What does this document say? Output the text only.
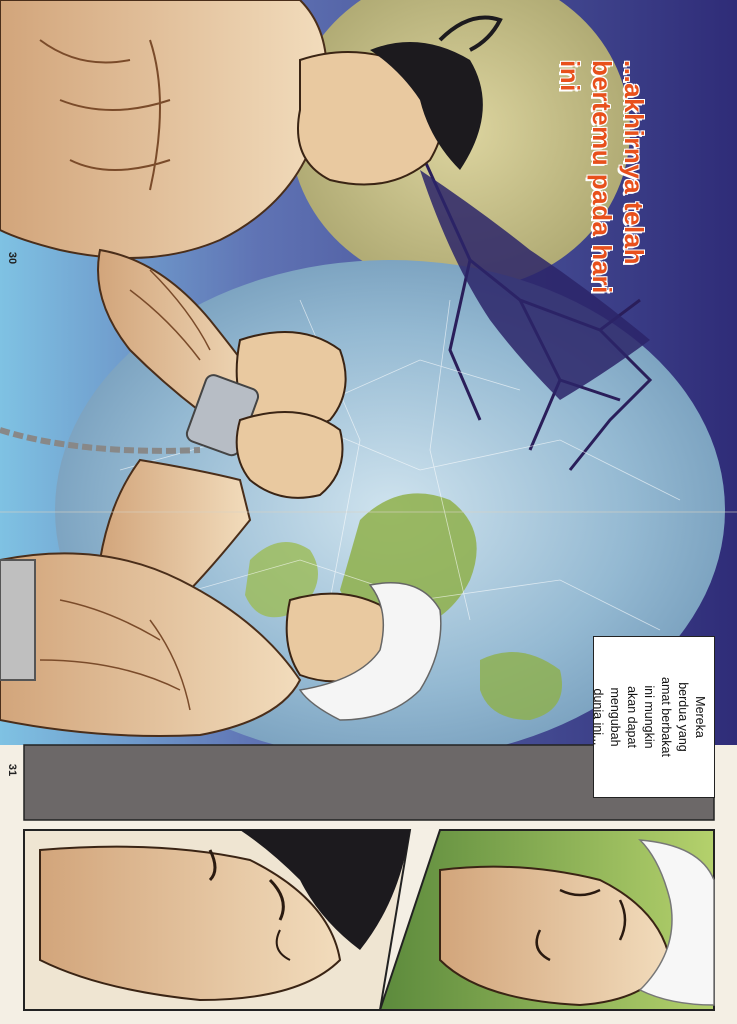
...akhirnya telah
bertemu pada hari ini
Mereka
berdua yang
amat berbakat
ini mungkin
akan dapat
mengubah
dunia ini...
30
31
